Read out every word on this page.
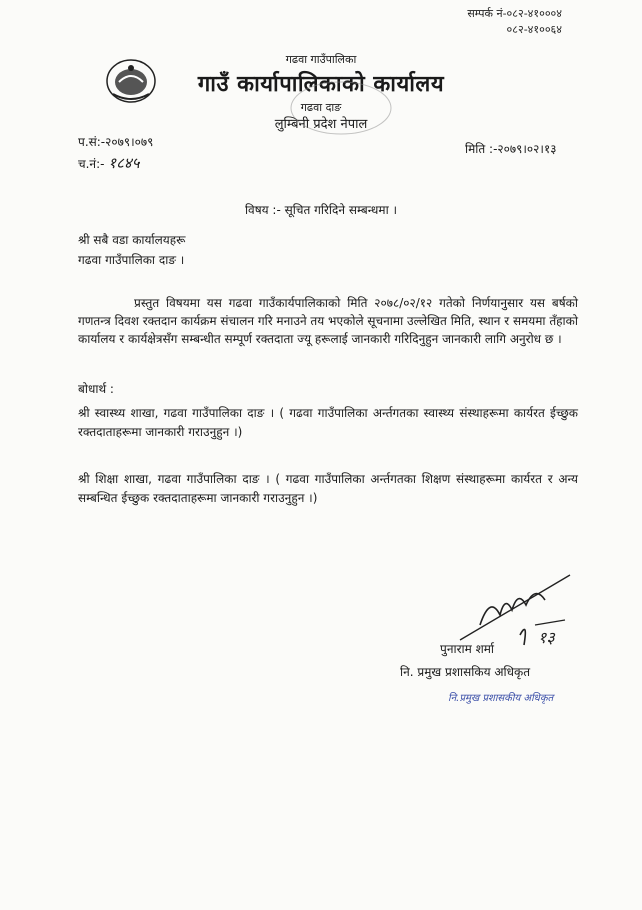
सम्पर्क नं-०८२-४१०००४
०८२-४१००६४
गढवा गाउँपालिका
गाउँ कार्यापालिकाको कार्यालय
गढवा दाङ
लुम्बिनी प्रदेश नेपाल
प.सं:-२०७९।०७९
च.नं:- १८४५
मिति :-२०७९।०२।१३
विषय :- सूचित गरिदिने सम्बन्धमा ।
श्री सबै वडा कार्यालयहरू
गढवा गाउँपालिका दाङ ।
प्रस्तुत विषयमा यस गढवा गाउँकार्यपालिकाको मिति २०७८/०२/१२ गतेको निर्णयानुसार यस बर्षको गणतन्त्र दिवश रक्तदान कार्यक्रम संचालन गरि मनाउने तय भएकोले सूचनामा उल्लेखित मिति, स्थान र समयमा तँहाको कार्यालय र कार्यक्षेत्रसँग सम्बन्धीत सम्पूर्ण रक्तदाता ज्यू हरूलाई जानकारी गरिदिनुहुन जानकारी लागि अनुरोध छ ।
बोधार्थ :
श्री स्वास्थ्य शाखा, गढवा गाउँपालिका दाङ । ( गढवा गाउँपालिका अर्न्तगतका स्वास्थ्य संस्थाहरूमा कार्यरत ईच्छुक रक्तदाताहरूमा जानकारी गराउनुहुन ।)
श्री शिक्षा शाखा, गढवा गाउँपालिका दाङ । ( गढवा गाउँपालिका अर्न्तगतका शिक्षण संस्थाहरूमा कार्यरत र अन्य सम्बन्धित ईच्छुक रक्तदाताहरूमा जानकारी गराउनुहुन ।)
१३
पुनाराम शर्मा
नि. प्रमुख प्रशासकिय अधिकृत
नि.प्रमुख प्रशासकीय अधिकृत
